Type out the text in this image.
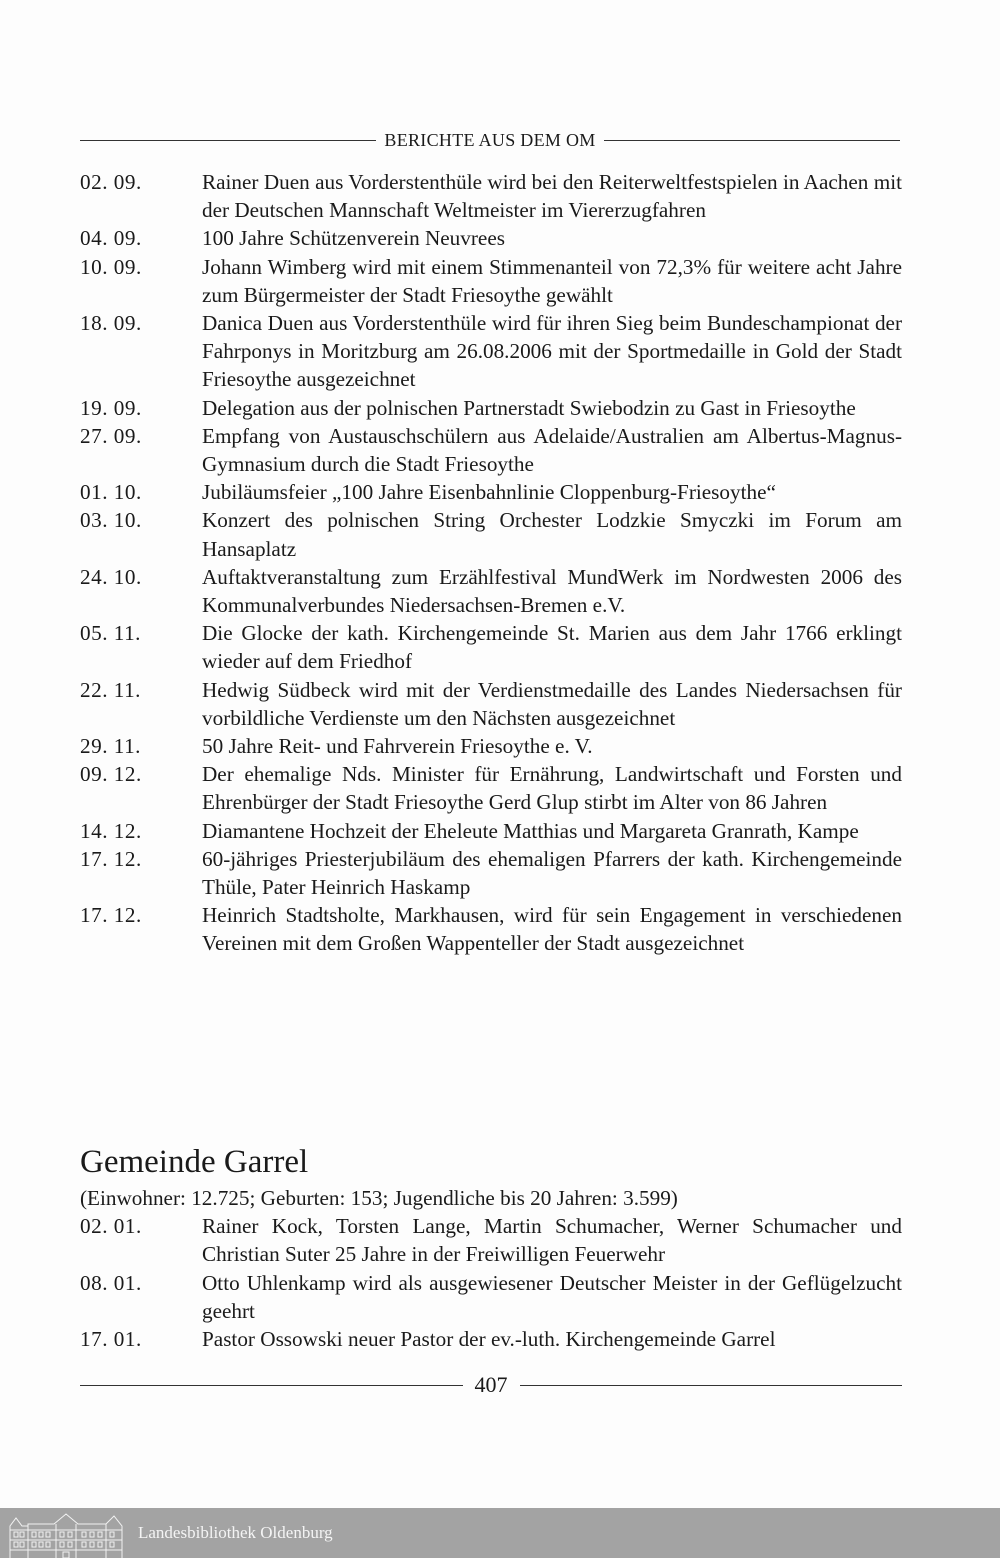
BERICHTE AUS DEM OM
02. 09.	Rainer Duen aus Vorderstenthüle wird bei den Reiterweltfestspielen in Aachen mit der Deutschen Mannschaft Weltmeister im Viererzugfahren
04. 09.	100 Jahre Schützenverein Neuvrees
10. 09.	Johann Wimberg wird mit einem Stimmenanteil von 72,3% für weitere acht Jahre zum Bürgermeister der Stadt Friesoythe gewählt
18. 09.	Danica Duen aus Vorderstenthüle wird für ihren Sieg beim Bundeschampionat der Fahrponys in Moritzburg am 26.08.2006 mit der Sportmedaille in Gold der Stadt Friesoythe ausgezeichnet
19. 09.	Delegation aus der polnischen Partnerstadt Swiebodzin zu Gast in Friesoythe
27. 09.	Empfang von Austauschschülern aus Adelaide/Australien am Albertus-Magnus-Gymnasium durch die Stadt Friesoythe
01. 10.	Jubiläumsfeier „100 Jahre Eisenbahnlinie Cloppenburg-Friesoythe“
03. 10.	Konzert des polnischen String Orchester Lodzkie Smyczki im Forum am Hansaplatz
24. 10.	Auftaktveranstaltung zum Erzählfestival MundWerk im Nordwesten 2006 des Kommunalverbundes Niedersachsen-Bremen e.V.
05. 11.	Die Glocke der kath. Kirchengemeinde St. Marien aus dem Jahr 1766 erklingt wieder auf dem Friedhof
22. 11.	Hedwig Südbeck wird mit der Verdienstmedaille des Landes Niedersachsen für vorbildliche Verdienste um den Nächsten ausgezeichnet
29. 11.	50 Jahre Reit- und Fahrverein Friesoythe e. V.
09. 12.	Der ehemalige Nds. Minister für Ernährung, Landwirtschaft und Forsten und Ehrenbürger der Stadt Friesoythe Gerd Glup stirbt im Alter von 86 Jahren
14. 12.	Diamantene Hochzeit der Eheleute Matthias und Margareta Granrath, Kampe
17. 12.	60-jähriges Priesterjubiläum des ehemaligen Pfarrers der kath. Kirchengemeinde Thüle, Pater Heinrich Haskamp
17. 12.	Heinrich Stadtsholte, Markhausen, wird für sein Engagement in verschiedenen Vereinen mit dem Großen Wappenteller der Stadt ausgezeichnet
Gemeinde Garrel
(Einwohner: 12.725; Geburten: 153; Jugendliche bis 20 Jahren: 3.599)
02. 01.	Rainer Kock, Torsten Lange, Martin Schumacher, Werner Schumacher und Christian Suter 25 Jahre in der Freiwilligen Feuerwehr
08. 01.	Otto Uhlenkamp wird als ausgewiesener Deutscher Meister in der Geflügelzucht geehrt
17. 01.	Pastor Ossowski neuer Pastor der ev.-luth. Kirchengemeinde Garrel
407
Landesbibliothek Oldenburg
